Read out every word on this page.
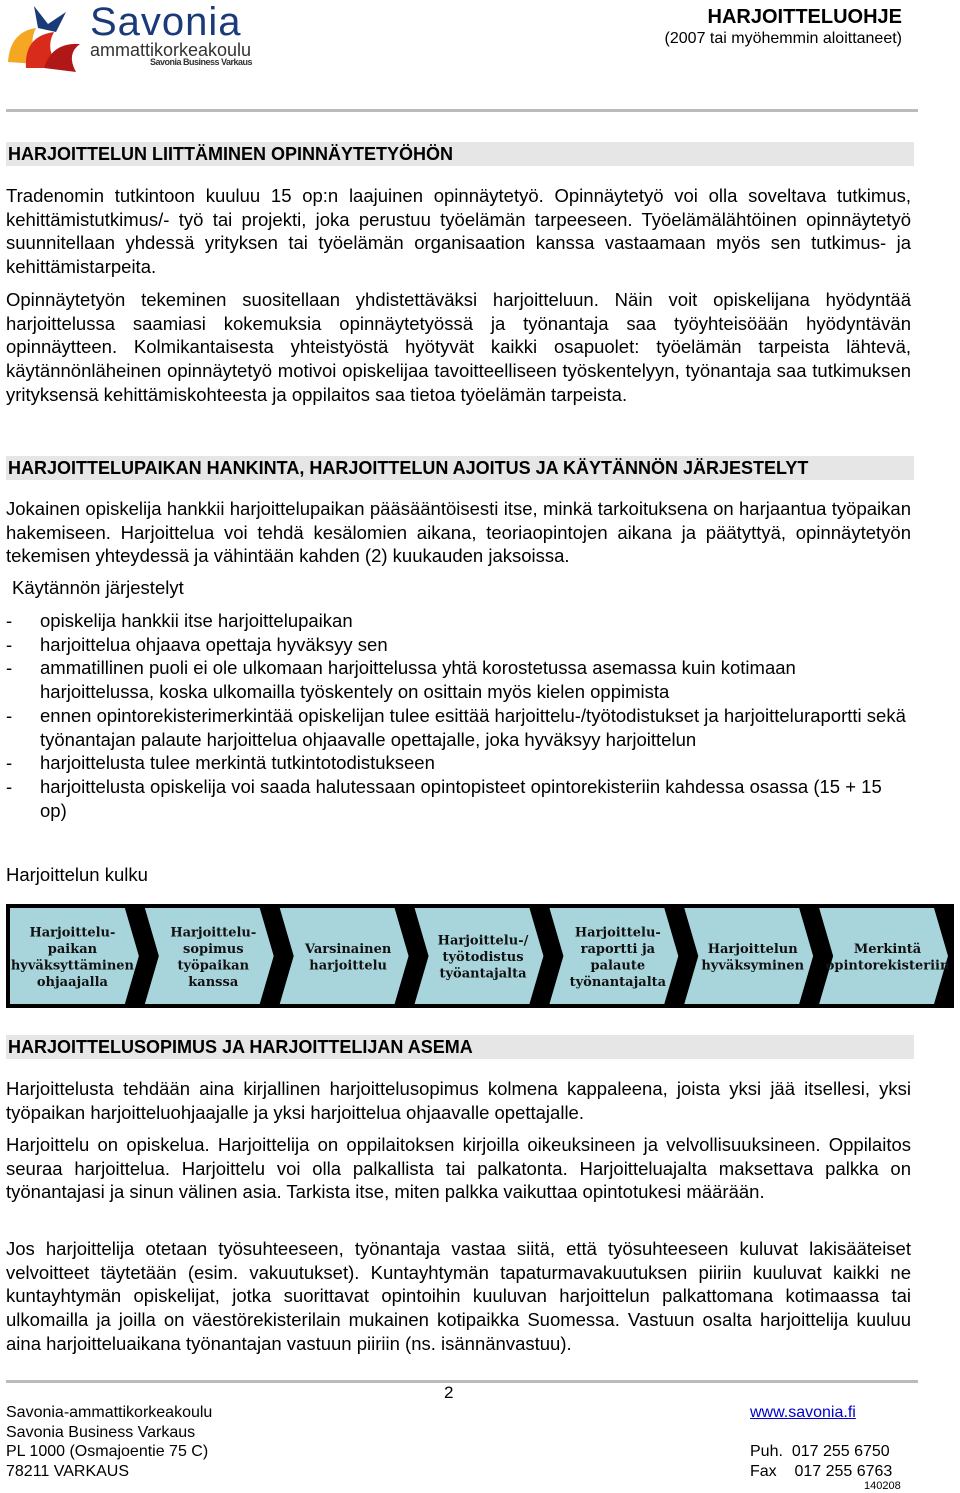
Savonia
ammattikorkeakoulu
Savonia Business Varkaus
HARJOITTELUOHJE
(2007 tai myöhemmin aloittaneet)
HARJOITTELUN LIITTÄMINEN OPINNÄYTETYÖHÖN
Tradenomin tutkintoon kuuluu 15 op:n laajuinen opinnäytetyö. Opinnäytetyö voi olla soveltava tutkimus, kehittämistutkimus/- työ tai projekti, joka perustuu työelämän tarpeeseen. Työelämälähtöinen opinnäytetyö suunnitellaan yhdessä yrityksen tai työelämän organisaation kanssa vastaamaan myös sen tutkimus- ja kehittämistarpeita.
Opinnäytetyön tekeminen suositellaan yhdistettäväksi harjoitteluun. Näin voit opiskelijana hyödyntää harjoittelussa saamiasi kokemuksia opinnäytetyössä ja työnantaja saa työyhteisöään hyödyntävän opinnäytteen. Kolmikantaisesta yhteistyöstä hyötyvät kaikki osapuolet: työelämän tarpeista lähtevä, käytännönläheinen opinnäytetyö motivoi opiskelijaa tavoitteelliseen työskentelyyn, työnantaja saa tutkimuksen yrityksensä kehittämiskohteesta ja oppilaitos saa tietoa työelämän tarpeista.
HARJOITTELUPAIKAN HANKINTA, HARJOITTELUN AJOITUS JA KÄYTÄNNÖN JÄRJESTELYT
Jokainen opiskelija hankkii harjoittelupaikan pääsääntöisesti itse, minkä tarkoituksena on harjaantua työpaikan hakemiseen. Harjoittelua voi tehdä kesälomien aikana, teoriaopintojen aikana ja päätyttyä, opinnäytetyön tekemisen yhteydessä ja vähintään kahden (2) kuukauden jaksoissa.
Käytännön järjestelyt
- opiskelija hankkii itse harjoittelupaikan
- harjoittelua ohjaava opettaja hyväksyy sen
- ammatillinen puoli ei ole ulkomaan harjoittelussa yhtä korostetussa asemassa kuin kotimaan harjoittelussa, koska ulkomailla työskentely on osittain myös kielen oppimista
- ennen opintorekisterimerkintää opiskelijan tulee esittää harjoittelu-/työtodistukset ja harjoitteluraportti sekä työnantajan palaute harjoittelua ohjaavalle opettajalle, joka hyväksyy harjoittelun
- harjoittelusta tulee merkintä tutkintotodistukseen
- harjoittelusta opiskelija voi saada halutessaan opintopisteet opintorekisteriin kahdessa osassa (15 + 15 op)
Harjoittelun kulku
Harjoittelu-paikan hyväksyttäminen ohjaajalla
Harjoittelu-sopimus työpaikan kanssa
Varsinainen harjoittelu
Harjoittelu-/ työtodistus työantajalta
Harjoittelu-raportti ja palaute työnantajalta
Harjoittelun hyväksyminen
Merkintä opintorekisteriin
HARJOITTELUSOPIMUS JA HARJOITTELIJAN ASEMA
Harjoittelusta tehdään aina kirjallinen harjoittelusopimus kolmena kappaleena, joista yksi jää itsellesi, yksi työpaikan harjoitteluohjaajalle ja yksi harjoittelua ohjaavalle opettajalle.
Harjoittelu on opiskelua. Harjoittelija on oppilaitoksen kirjoilla oikeuksineen ja velvollisuuksineen. Oppilaitos seuraa harjoittelua. Harjoittelu voi olla palkallista tai palkatonta. Harjoitteluajalta maksettava palkka on työnantajasi ja sinun välinen asia. Tarkista itse, miten palkka vaikuttaa opintotukesi määrään.
Jos harjoittelija otetaan työsuhteeseen, työnantaja vastaa siitä, että työsuhteeseen kuluvat lakisääteiset velvoitteet täytetään (esim. vakuutukset). Kuntayhtymän tapaturmavakuutuksen piiriin kuuluvat kaikki ne kuntayhtymän opiskelijat, jotka suorittavat opintoihin kuuluvan harjoittelun palkattomana kotimaassa tai ulkomailla ja joilla on väestörekisterilain mukainen kotipaikka Suomessa. Vastuun osalta harjoittelija kuuluu aina harjoitteluaikana työnantajan vastuun piiriin (ns. isännänvastuu).
2
Savonia-ammattikorkeakoulu
Savonia Business Varkaus
PL 1000 (Osmajoentie 75 C)
78211 VARKAUS
www.savonia.fi

Puh. 017 255 6750
Fax 017 255 6763
140208
